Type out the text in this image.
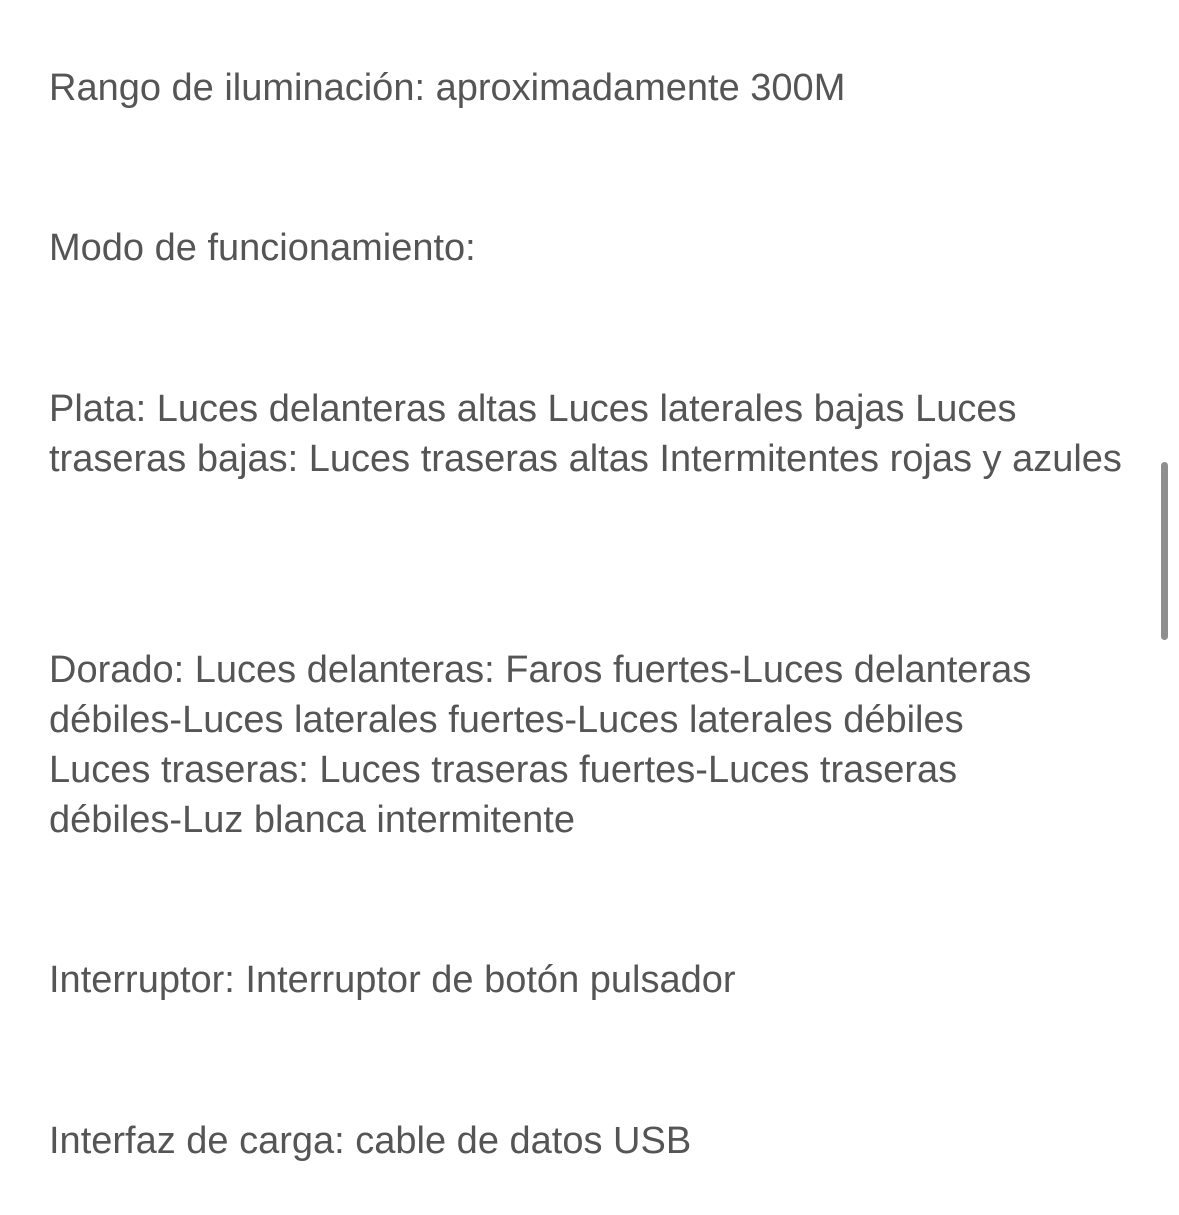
Rango de iluminación: aproximadamente 300M

Modo de funcionamiento:

Plata: Luces delanteras altas Luces laterales bajas Luces traseras bajas: Luces traseras altas Intermitentes rojas y azules

Dorado: Luces delanteras: Faros fuertes-Luces delanteras débiles-Luces laterales fuertes-Luces laterales débiles Luces traseras: Luces traseras fuertes-Luces traseras débiles-Luz blanca intermitente

Interruptor: Interruptor de botón pulsador

Interfaz de carga: cable de datos USB
